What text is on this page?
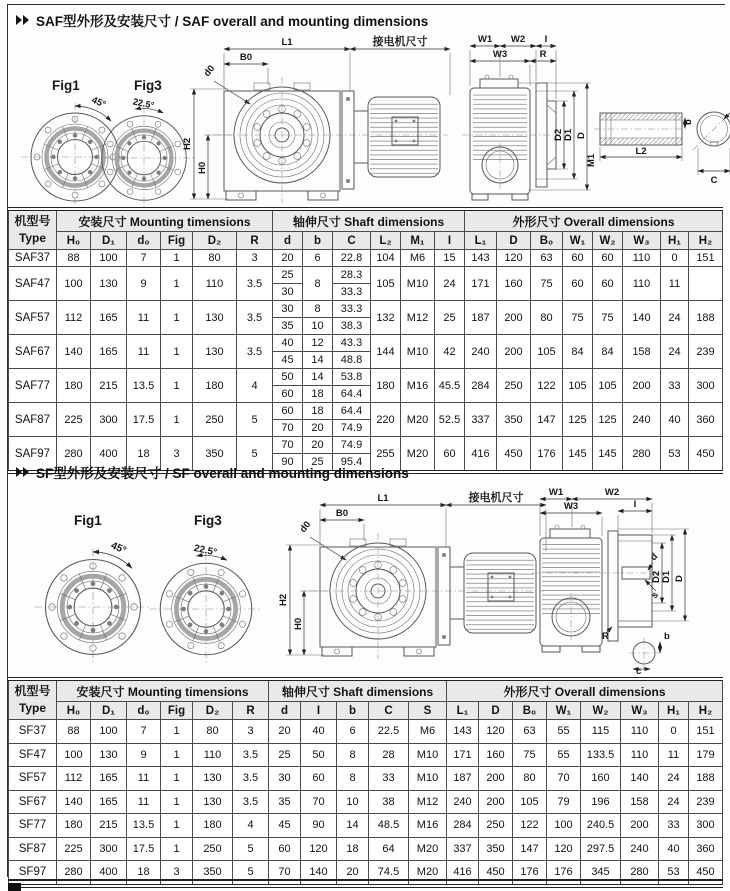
SAF型外形及安装尺寸 / SAF overall and mounting dimensions
Fig1
45°
Fig3
22.5°
L1	接电机尺寸
B0
d0
H2
H0
W1 W2 I
W3	R
D2 D1 D
L2
M1
b
C
机型号
Type	安装尺寸 Mounting timensions						轴伸尺寸 Shaft dimensions						外形尺寸 Overall dimensions							
	H₀	D₁	d₀	Fig	D₂	R	d	b	C	L₂	M₁	I	L₁	D	B₀	W₁	W₂	W₃	H₁	H₂
SAF37	88	100	7	1	80	3	20	6	22.8	104	M6	15	143	120	63	60	60	110	0	151
SAF47	100	130	9	1	110	3.5	25	8	28.3	105	M10	24	171	160	75	60	60	110	11	
							30		33.3											
SAF57	112	165	11	1	130	3.5	30	8	33.3	132	M12	25	187	200	80	75	75	140	24	188
							35	10	38.3											
SAF67	140	165	11	1	130	3.5	40	12	43.3	144	M10	42	240	200	105	84	84	158	24	239
							45	14	48.8											
SAF77	180	215	13.5	1	180	4	50	14	53.8	180	M16	45.5	284	250	122	105	105	200	33	300
							60	18	64.4											
SAF87	225	300	17.5	1	250	5	60	18	64.4	220	M20	52.5	337	350	147	125	125	240	40	360
							70	20	74.9											
SAF97	280	400	18	3	350	5	70	20	74.9	255	M20	60	416	450	176	145	145	280	53	450
							90	25	95.4											
SF型外形及安装尺寸 / SF overall and mounting dimensions
Fig1
45°
Fig3
22.5°
L1	接电机尺寸
B0
d0
H2
H0
W1	W2
W3	I
D2 D1 D
d
s
R	b
c
机型号
Type	安装尺寸 Mounting timensions						轴伸尺寸 Shaft dimensions					外形尺寸 Overall dimensions							
	H₀	D₁	d₀	Fig	D₂	R	d	I	b	C	S	L₁	D	B₀	W₁	W₂	W₃	H₁	H₂
SF37	88	100	7	1	80	3	20	40	6	22.5	M6	143	120	63	55	115	110	0	151
SF47	100	130	9	1	110	3.5	25	50	8	28	M10	171	160	75	55	133.5	110	11	179
SF57	112	165	11	1	130	3.5	30	60	8	33	M10	187	200	80	70	160	140	24	188
SF67	140	165	11	1	130	3.5	35	70	10	38	M12	240	200	105	79	196	158	24	239
SF77	180	215	13.5	1	180	4	45	90	14	48.5	M16	284	250	122	100	240.5	200	33	300
SF87	225	300	17.5	1	250	5	60	120	18	64	M20	337	350	147	120	297.5	240	40	360
SF97	280	400	18	3	350	5	70	140	20	74.5	M20	416	450	176	176	345	280	53	450
